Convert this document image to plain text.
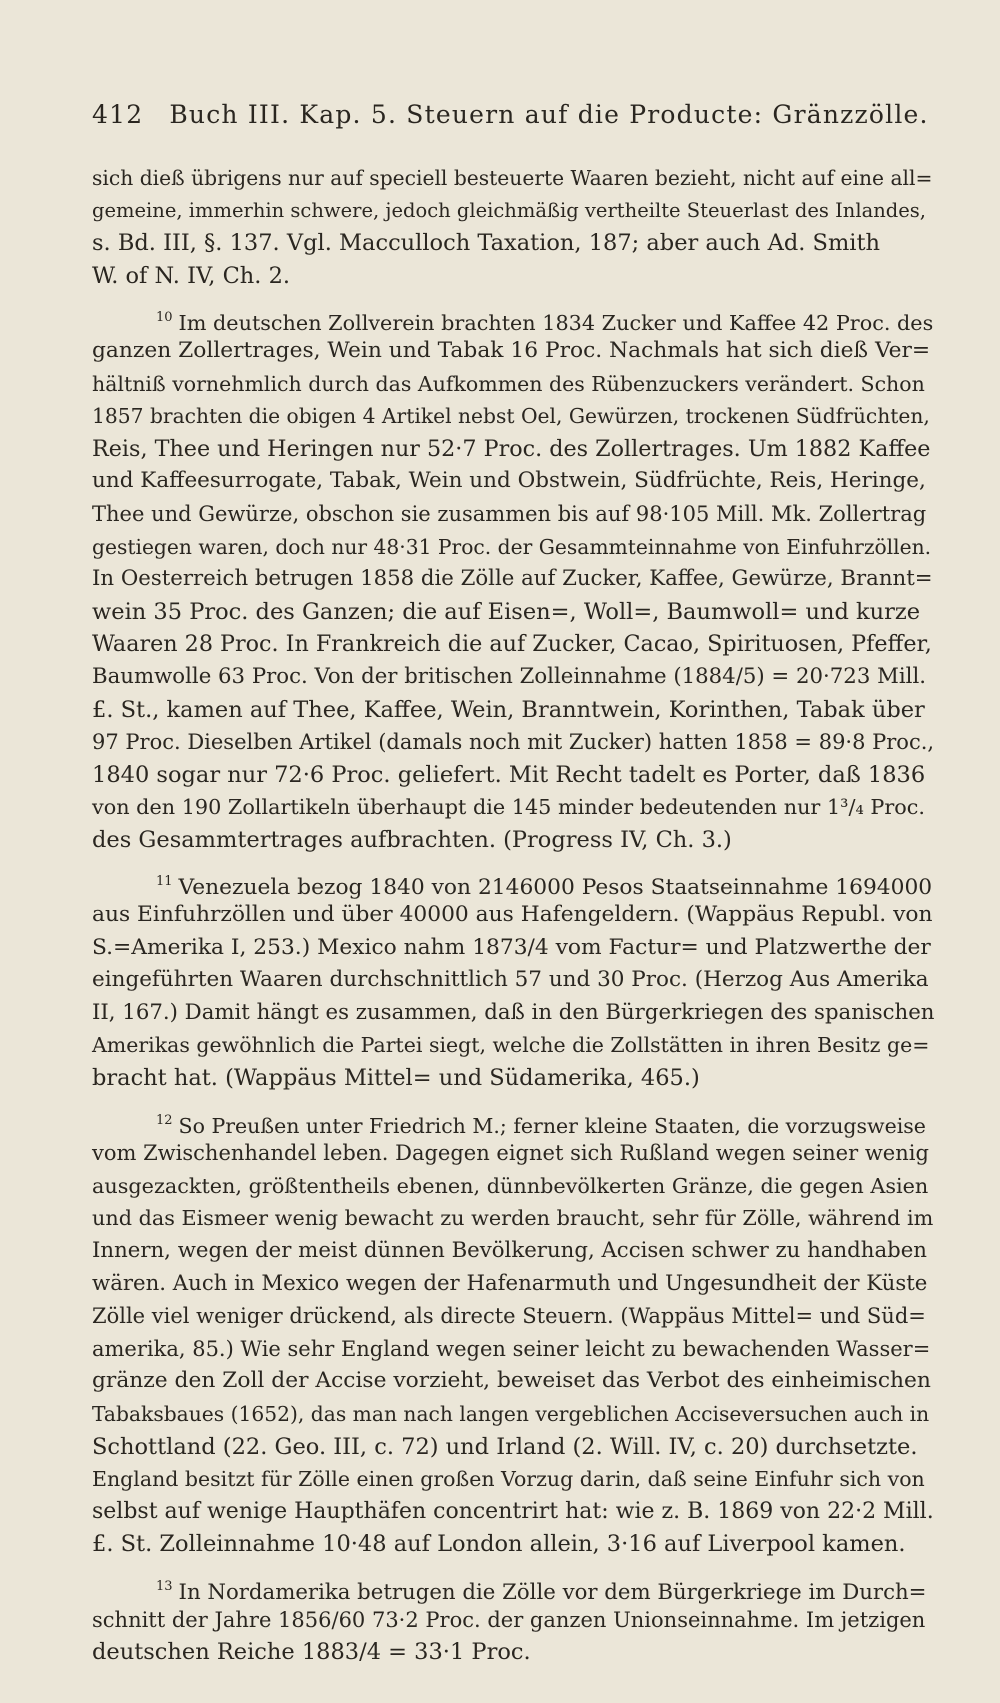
412 Buch III. Kap. 5. Steuern auf die Producte: Gränzzölle.
sich dieß übrigens nur auf speciell besteuerte Waaren bezieht, nicht auf eine all=
gemeine, immerhin schwere, jedoch gleichmäßig vertheilte Steuerlast des Inlandes,
s. Bd. III, §. 137. Vgl. Macculloch Taxation, 187; aber auch Ad. Smith
W. of N. IV, Ch. 2.
$^{10}$ Im deutschen Zollverein brachten 1834 Zucker und Kaffee 42 Proc. des
ganzen Zollertrages, Wein und Tabak 16 Proc. Nachmals hat sich dieß Ver=
hältniß vornehmlich durch das Aufkommen des Rübenzuckers verändert. Schon
1857 brachten die obigen 4 Artikel nebst Oel, Gewürzen, trockenen Südfrüchten,
Reis, Thee und Heringen nur 52·7 Proc. des Zollertrages. Um 1882 Kaffee
und Kaffeesurrogate, Tabak, Wein und Obstwein, Südfrüchte, Reis, Heringe,
Thee und Gewürze, obschon sie zusammen bis auf 98·105 Mill. Mk. Zollertrag
gestiegen waren, doch nur 48·31 Proc. der Gesammteinnahme von Einfuhrzöllen.
In Oesterreich betrugen 1858 die Zölle auf Zucker, Kaffee, Gewürze, Brannt=
wein 35 Proc. des Ganzen; die auf Eisen=, Woll=, Baumwoll= und kurze
Waaren 28 Proc. In Frankreich die auf Zucker, Cacao, Spirituosen, Pfeffer,
Baumwolle 63 Proc. Von der britischen Zolleinnahme (1884/5) = 20·723 Mill.
£. St., kamen auf Thee, Kaffee, Wein, Branntwein, Korinthen, Tabak über
97 Proc. Dieselben Artikel (damals noch mit Zucker) hatten 1858 = 89·8 Proc.,
1840 sogar nur 72·6 Proc. geliefert. Mit Recht tadelt es Porter, daß 1836
von den 190 Zollartikeln überhaupt die 145 minder bedeutenden nur 1³/₄ Proc.
des Gesammtertrages aufbrachten. (Progress IV, Ch. 3.)
$^{11}$ Venezuela bezog 1840 von 2146000 Pesos Staatseinnahme 1694000
aus Einfuhrzöllen und über 40000 aus Hafengeldern. (Wappäus Republ. von
S.=Amerika I, 253.) Mexico nahm 1873/4 vom Factur= und Platzwerthe der
eingeführten Waaren durchschnittlich 57 und 30 Proc. (Herzog Aus Amerika
II, 167.) Damit hängt es zusammen, daß in den Bürgerkriegen des spanischen
Amerikas gewöhnlich die Partei siegt, welche die Zollstätten in ihren Besitz ge=
bracht hat. (Wappäus Mittel= und Südamerika, 465.)
$^{12}$ So Preußen unter Friedrich M.; ferner kleine Staaten, die vorzugsweise
vom Zwischenhandel leben. Dagegen eignet sich Rußland wegen seiner wenig
ausgezackten, größtentheils ebenen, dünnbevölkerten Gränze, die gegen Asien
und das Eismeer wenig bewacht zu werden braucht, sehr für Zölle, während im
Innern, wegen der meist dünnen Bevölkerung, Accisen schwer zu handhaben
wären. Auch in Mexico wegen der Hafenarmuth und Ungesundheit der Küste
Zölle viel weniger drückend, als directe Steuern. (Wappäus Mittel= und Süd=
amerika, 85.) Wie sehr England wegen seiner leicht zu bewachenden Wasser=
gränze den Zoll der Accise vorzieht, beweiset das Verbot des einheimischen
Tabaksbaues (1652), das man nach langen vergeblichen Acciseversuchen auch in
Schottland (22. Geo. III, c. 72) und Irland (2. Will. IV, c. 20) durchsetzte.
England besitzt für Zölle einen großen Vorzug darin, daß seine Einfuhr sich von
selbst auf wenige Haupthäfen concentrirt hat: wie z. B. 1869 von 22·2 Mill.
£. St. Zolleinnahme 10·48 auf London allein, 3·16 auf Liverpool kamen.
$^{13}$ In Nordamerika betrugen die Zölle vor dem Bürgerkriege im Durch=
schnitt der Jahre 1856/60 73·2 Proc. der ganzen Unionseinnahme. Im jetzigen
deutschen Reiche 1883/4 = 33·1 Proc.
